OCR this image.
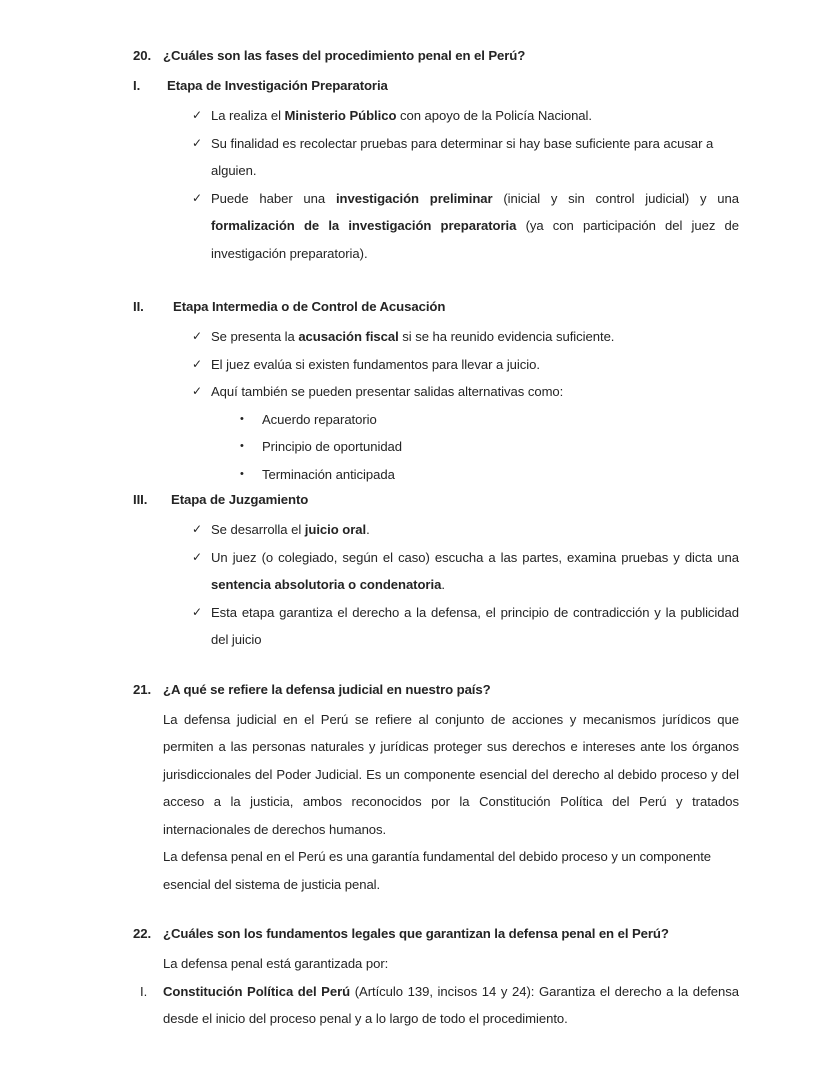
20. ¿Cuáles son las fases del procedimiento penal en el Perú?
I. Etapa de Investigación Preparatoria
✓ La realiza el Ministerio Público con apoyo de la Policía Nacional.
✓ Su finalidad es recolectar pruebas para determinar si hay base suficiente para acusar a alguien.
✓ Puede haber una investigación preliminar (inicial y sin control judicial) y una formalización de la investigación preparatoria (ya con participación del juez de investigación preparatoria).
II. Etapa Intermedia o de Control de Acusación
✓ Se presenta la acusación fiscal si se ha reunido evidencia suficiente.
✓ El juez evalúa si existen fundamentos para llevar a juicio.
✓ Aquí también se pueden presentar salidas alternativas como:
• Acuerdo reparatorio
• Principio de oportunidad
• Terminación anticipada
III. Etapa de Juzgamiento
✓ Se desarrolla el juicio oral.
✓ Un juez (o colegiado, según el caso) escucha a las partes, examina pruebas y dicta una sentencia absolutoria o condenatoria.
✓ Esta etapa garantiza el derecho a la defensa, el principio de contradicción y la publicidad del juicio
21. ¿A qué se refiere la defensa judicial en nuestro país?
La defensa judicial en el Perú se refiere al conjunto de acciones y mecanismos jurídicos que permiten a las personas naturales y jurídicas proteger sus derechos e intereses ante los órganos jurisdiccionales del Poder Judicial. Es un componente esencial del derecho al debido proceso y del acceso a la justicia, ambos reconocidos por la Constitución Política del Perú y tratados internacionales de derechos humanos.
La defensa penal en el Perú es una garantía fundamental del debido proceso y un componente esencial del sistema de justicia penal.
22. ¿Cuáles son los fundamentos legales que garantizan la defensa penal en el Perú?
La defensa penal está garantizada por:
I. Constitución Política del Perú (Artículo 139, incisos 14 y 24): Garantiza el derecho a la defensa desde el inicio del proceso penal y a lo largo de todo el procedimiento.
